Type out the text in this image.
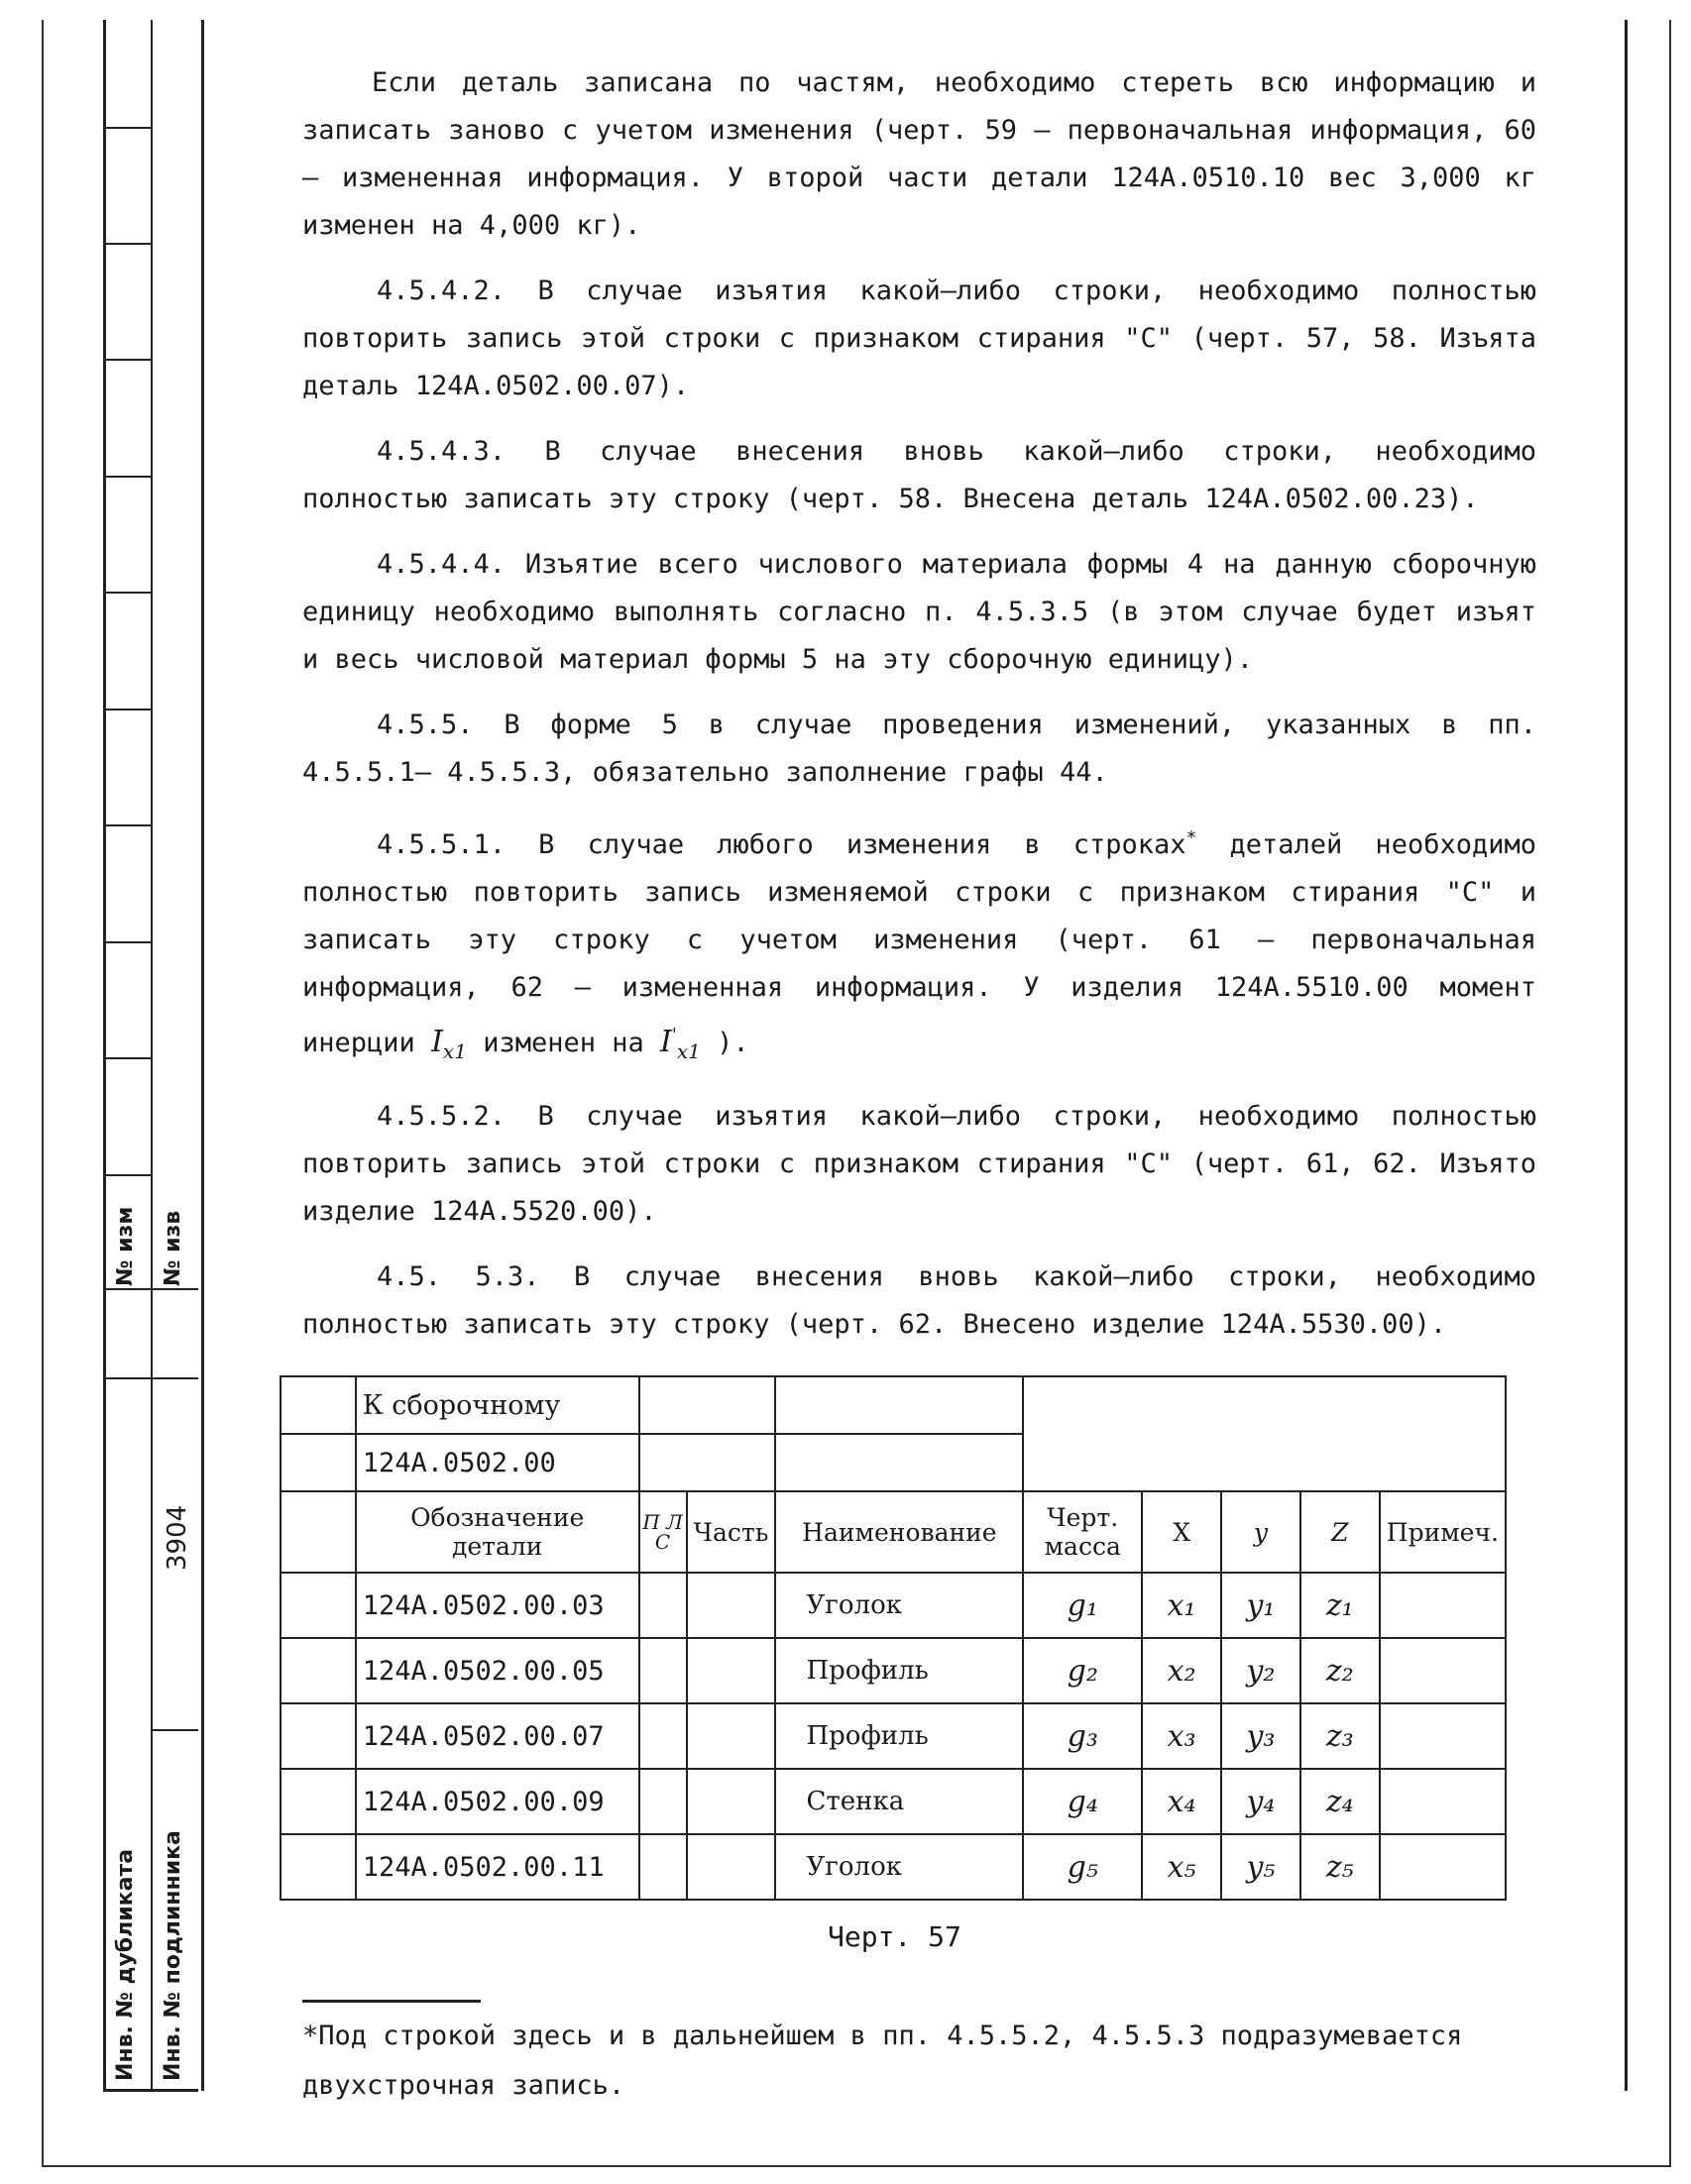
№ изм № изв
3904
Инв. № дубликата Инв. № подлинника

Если деталь записана по частям, необходимо стереть всю информацию и записать заново с учетом изменения (черт. 59 – первоначальная информация, 60 – измененная информация. У второй части детали 124А.0510.10 вес 3,000 кг изменен на 4,000 кг).

4.5.4.2. В случае изъятия какой–либо строки, необходимо полностью повторить запись этой строки с признаком стирания "С" (черт. 57, 58. Изъята деталь 124А.0502.00.07).

4.5.4.3. В случае внесения вновь какой–либо строки, необходимо полностью записать эту строку (черт. 58. Внесена деталь 124А.0502.00.23).

4.5.4.4. Изъятие всего числового материала формы 4 на данную сборочную единицу необходимо выполнять согласно п. 4.5.3.5 (в этом случае будет изъят и весь числовой материал формы 5 на эту сборочную единицу).

4.5.5. В форме 5 в случае проведения изменений, указанных в пп. 4.5.5.1– 4.5.5.3, обязательно заполнение графы 44.

4.5.5.1. В случае любого изменения в строках* деталей необходимо полностью повторить запись изменяемой строки с признаком стирания "С" и записать эту строку с учетом изменения (черт. 61 – первоначальная информация, 62 – измененная информация. У изделия 124А.5510.00 момент инерции $I_{x1}$ изменен на $I'_{x1}$ ).

4.5.5.2. В случае изъятия какой–либо строки, необходимо полностью повторить запись этой строки с признаком стирания "С" (черт. 61, 62. Изъято изделие 124А.5520.00).

4.5. 5.3. В случае внесения вновь какой–либо строки, необходимо полностью записать эту строку (черт. 62. Внесено изделие 124А.5530.00).

	К сборочному								
	124А.0502.00								
	Обозначение детали	П Л С	Часть	Наименование	Черт. масса	X	y	Z	Примеч.
	124А.0502.00.03			Уголок	g₁	x₁	y₁	z₁	
	124А.0502.00.05			Профиль	g₂	x₂	y₂	z₂	
	124А.0502.00.07			Профиль	g₃	x₃	y₃	z₃	
	124А.0502.00.09			Стенка	g₄	x₄	y₄	z₄	
	124А.0502.00.11			Уголок	g₅	x₅	y₅	z₅	
Черт. 57
*Под строкой здесь и в дальнейшем в пп. 4.5.5.2, 4.5.5.3 подразумевается двухстрочная запись.
